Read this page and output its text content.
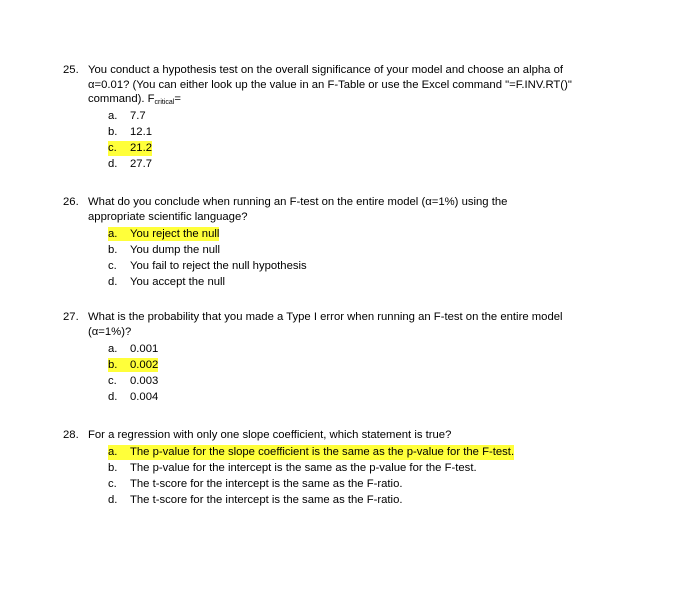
25. You conduct a hypothesis test on the overall significance of your model and choose an alpha of
α=0.01? (You can either look up the value in an F-Table or use the Excel command "=F.INV.RT()"
command). $F_{critical}=$
a.	7.7
b.	12.1
c.	21.2
d.	27.7
26. What do you conclude when running an F-test on the entire model (α=1%) using the
appropriate scientific language?
a.	You reject the null
b.	You dump the null
c.	You fail to reject the null hypothesis
d.	You accept the null
27. What is the probability that you made a Type I error when running an F-test on the entire model
(α=1%)?
a.	0.001
b.	0.002
c.	0.003
d.	0.004
28. For a regression with only one slope coefficient, which statement is true?
a.	The p-value for the slope coefficient is the same as the p-value for the F-test.
b.	The p-value for the intercept is the same as the p-value for the F-test.
c.	The t-score for the intercept is the same as the F-ratio.
d.	The t-score for the intercept is the same as the F-ratio.
